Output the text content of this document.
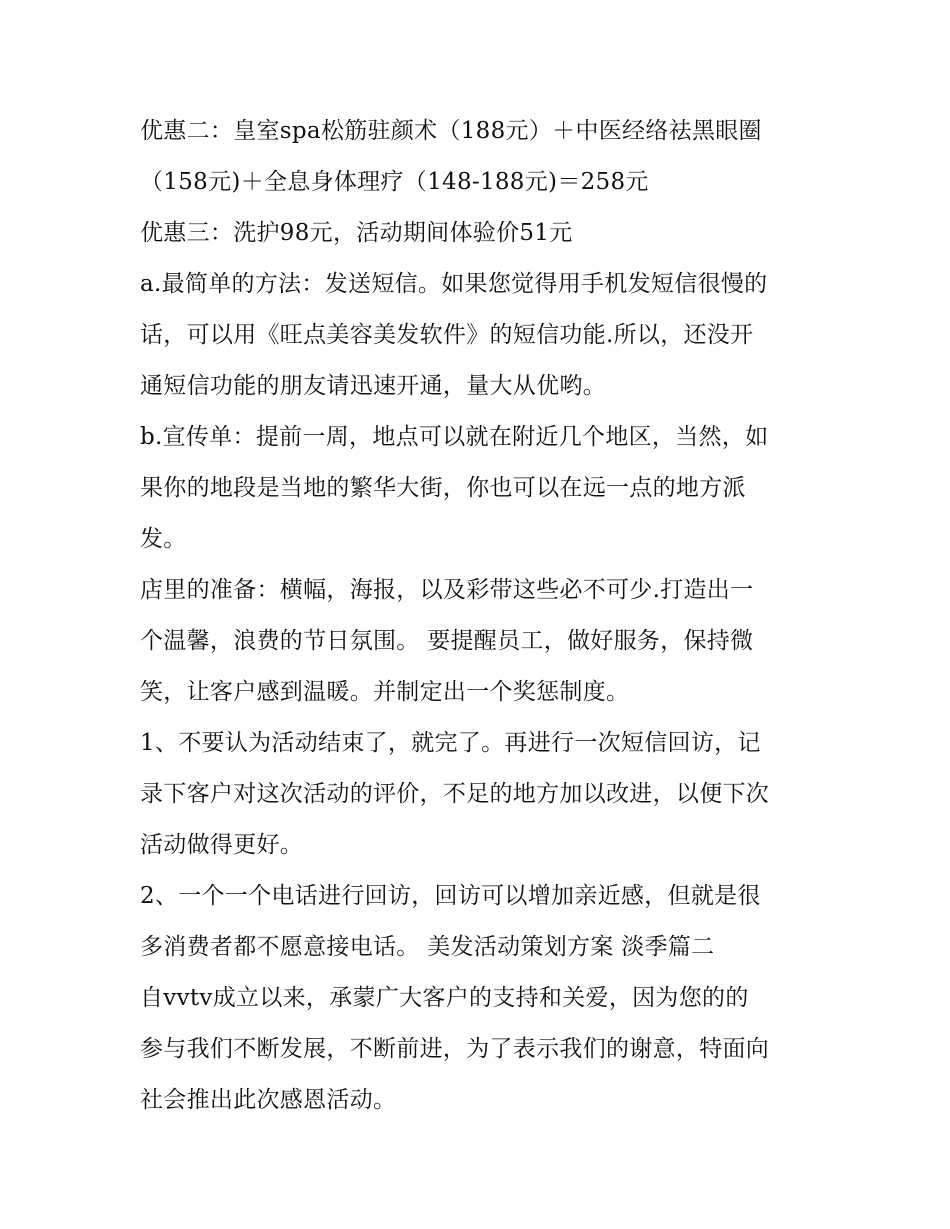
优惠二：皇室spa松筋驻颜术（188元）＋中医经络祛黑眼圈
（158元)＋全息身体理疗（148-188元)＝258元
优惠三：洗护98元，活动期间体验价51元
a.最简单的方法：发送短信。如果您觉得用手机发短信很慢的
话，可以用《旺点美容美发软件》的短信功能.所以，还没开
通短信功能的朋友请迅速开通，量大从优哟。
b.宣传单：提前一周，地点可以就在附近几个地区，当然，如
果你的地段是当地的繁华大街，你也可以在远一点的地方派
发。
店里的准备：横幅，海报，以及彩带这些必不可少.打造出一
个温馨，浪费的节日氛围。 要提醒员工，做好服务，保持微
笑，让客户感到温暖。并制定出一个奖惩制度。
1、不要认为活动结束了，就完了。再进行一次短信回访，记
录下客户对这次活动的评价，不足的地方加以改进，以便下次
活动做得更好。
2、一个一个电话进行回访，回访可以增加亲近感，但就是很
多消费者都不愿意接电话。 美发活动策划方案 淡季篇二
自vvtv成立以来，承蒙广大客户的支持和关爱，因为您的的
参与我们不断发展，不断前进，为了表示我们的谢意，特面向
社会推出此次感恩活动。
